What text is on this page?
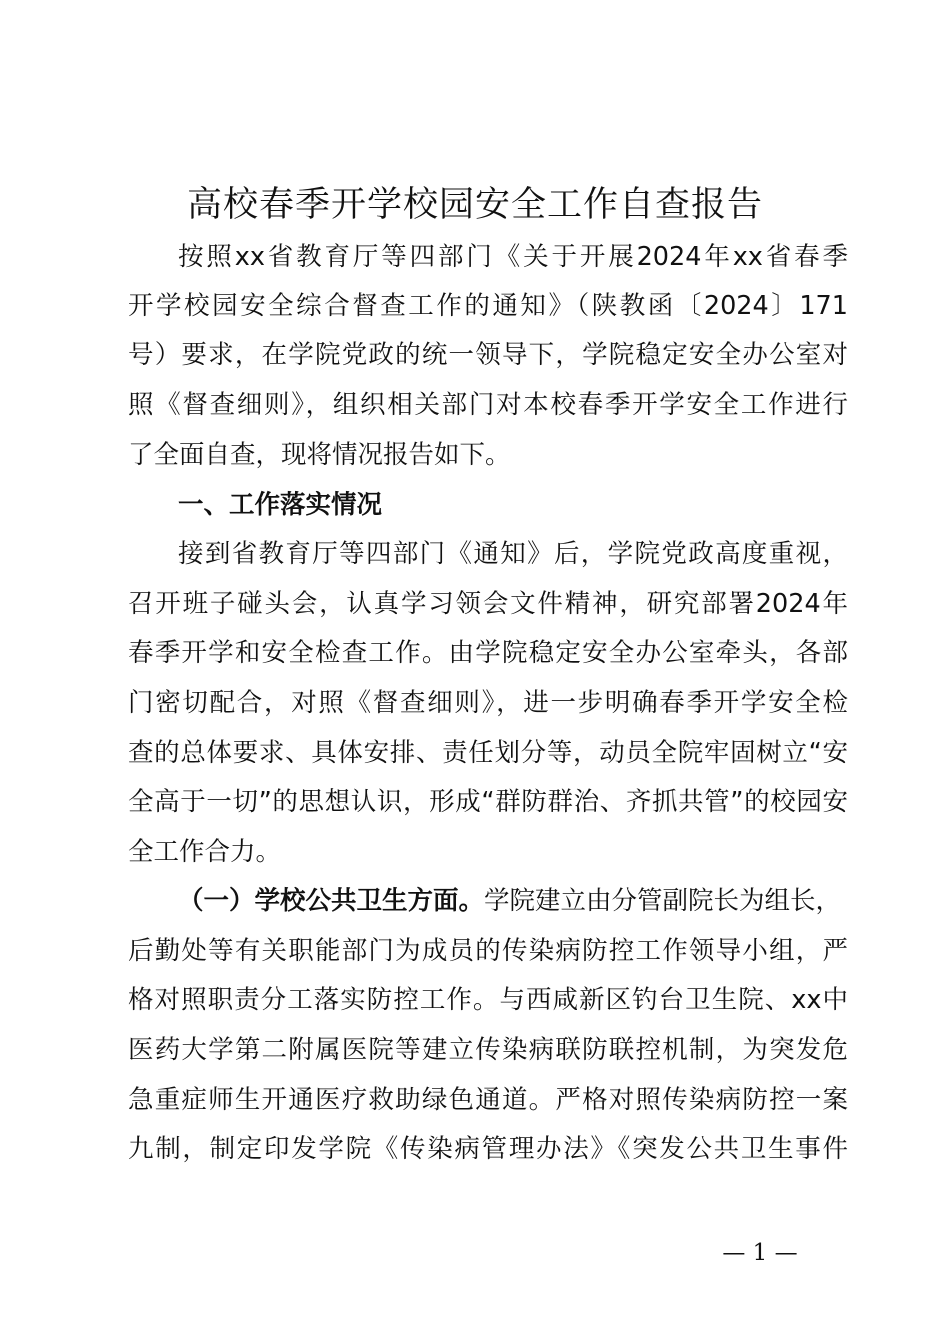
高校春季开学校园安全工作自查报告
按照xx省教育厅等四部门《关于开展2024年xx省春季
开学校园安全综合督查工作的通知》（陕教函〔2024〕171
号）要求，在学院党政的统一领导下，学院稳定安全办公室对
照《督查细则》，组织相关部门对本校春季开学安全工作进行
了全面自查，现将情况报告如下。
一、工作落实情况
接到省教育厅等四部门《通知》后，学院党政高度重视，
召开班子碰头会，认真学习领会文件精神，研究部署2024年
春季开学和安全检查工作。由学院稳定安全办公室牵头，各部
门密切配合，对照《督查细则》，进一步明确春季开学安全检
查的总体要求、具体安排、责任划分等，动员全院牢固树立“安
全高于一切”的思想认识，形成“群防群治、齐抓共管”的校园安
全工作合力。
（一）学校公共卫生方面。学院建立由分管副院长为组长，
后勤处等有关职能部门为成员的传染病防控工作领导小组，严
格对照职责分工落实防控工作。与西咸新区钓台卫生院、xx中
医药大学第二附属医院等建立传染病联防联控机制，为突发危
急重症师生开通医疗救助绿色通道。严格对照传染病防控一案
九制，制定印发学院《传染病管理办法》《突发公共卫生事件
— 1 —
